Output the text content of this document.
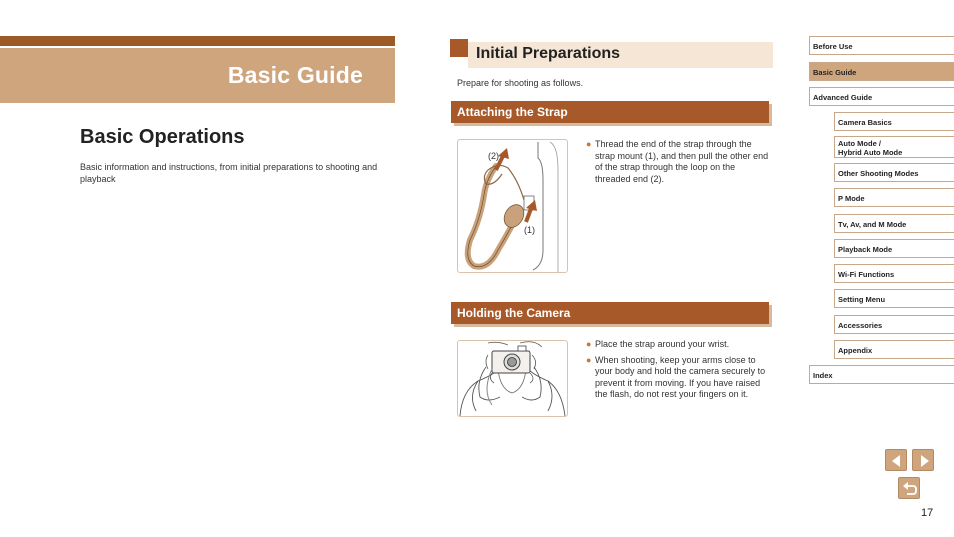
Basic Guide
Basic Operations

Basic information and instructions, from initial preparations to shooting and playback

Initial Preparations

Prepare for shooting as follows.

Attaching the Strap
(2)
(1)
● Thread the end of the strap through the strap mount (1), and then pull the other end of the strap through the loop on the threaded end (2).
Holding the Camera
● Place the strap around your wrist.
● When shooting, keep your arms close to your body and hold the camera securely to prevent it from moving. If you have raised the flash, do not rest your fingers on it.
Before Use
Basic Guide
Advanced Guide
Camera Basics
Auto Mode /
Hybrid Auto Mode
Other Shooting Modes
P Mode
Tv, Av, and M Mode
Playback Mode
Wi-Fi Functions
Setting Menu
Accessories
Appendix
Index
17
